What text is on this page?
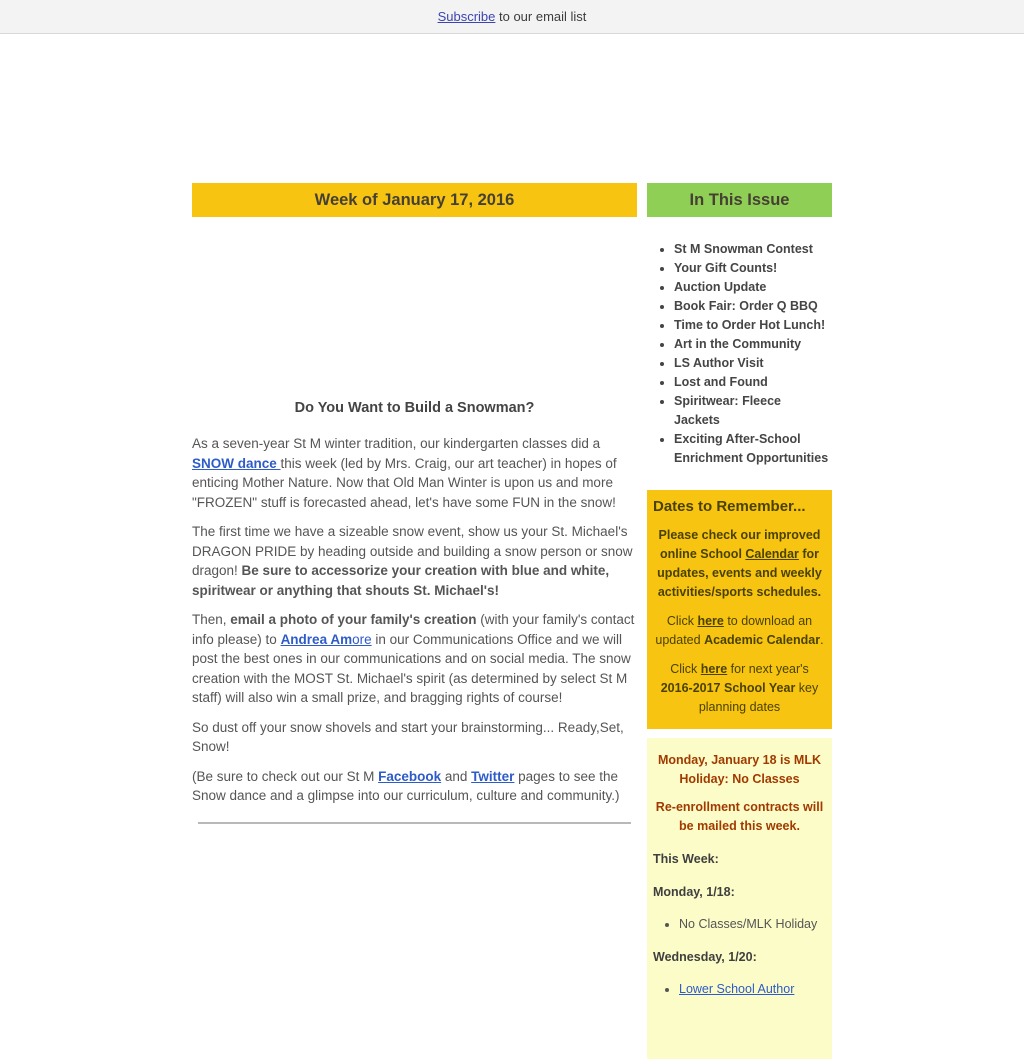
Subscribe to our email list
Week of January 17, 2016
Do You Want to Build a Snowman?

As a seven-year St M winter tradition, our kindergarten classes did a SNOW dance this week (led by Mrs. Craig, our art teacher) in hopes of enticing Mother Nature. Now that Old Man Winter is upon us and more "FROZEN" stuff is forecasted ahead, let's have some FUN in the snow!

The first time we have a sizeable snow event, show us your St. Michael's DRAGON PRIDE by heading outside and building a snow person or snow dragon! Be sure to accessorize your creation with blue and white, spiritwear or anything that shouts St. Michael's!

Then, email a photo of your family's creation (with your family's contact info please) to Andrea Amore in our Communications Office and we will post the best ones in our communications and on social media. The snow creation with the MOST St. Michael's spirit (as determined by select St M staff) will also win a small prize, and bragging rights of course!

So dust off your snow shovels and start your brainstorming... Ready,Set, Snow!

(Be sure to check out our St M Facebook and Twitter pages to see the Snow dance and a glimpse into our curriculum, culture and community.)

In This Issue
• St M Snowman Contest
• Your Gift Counts!
• Auction Update
• Book Fair: Order Q BBQ
• Time to Order Hot Lunch!
• Art in the Community
• LS Author Visit
• Lost and Found
• Spiritwear: Fleece Jackets
• Exciting After-School Enrichment Opportunities
Dates to Remember...

Please check our improved online School Calendar for updates, events and weekly activities/sports schedules.

Click here to download an updated Academic Calendar.

Click here for next year's 2016-2017 School Year key planning dates

Monday, January 18 is MLK Holiday: No Classes

Re-enrollment contracts will be mailed this week.

This Week:
Monday, 1/18:
• No Classes/MLK Holiday
Wednesday, 1/20:
• Lower School Author
